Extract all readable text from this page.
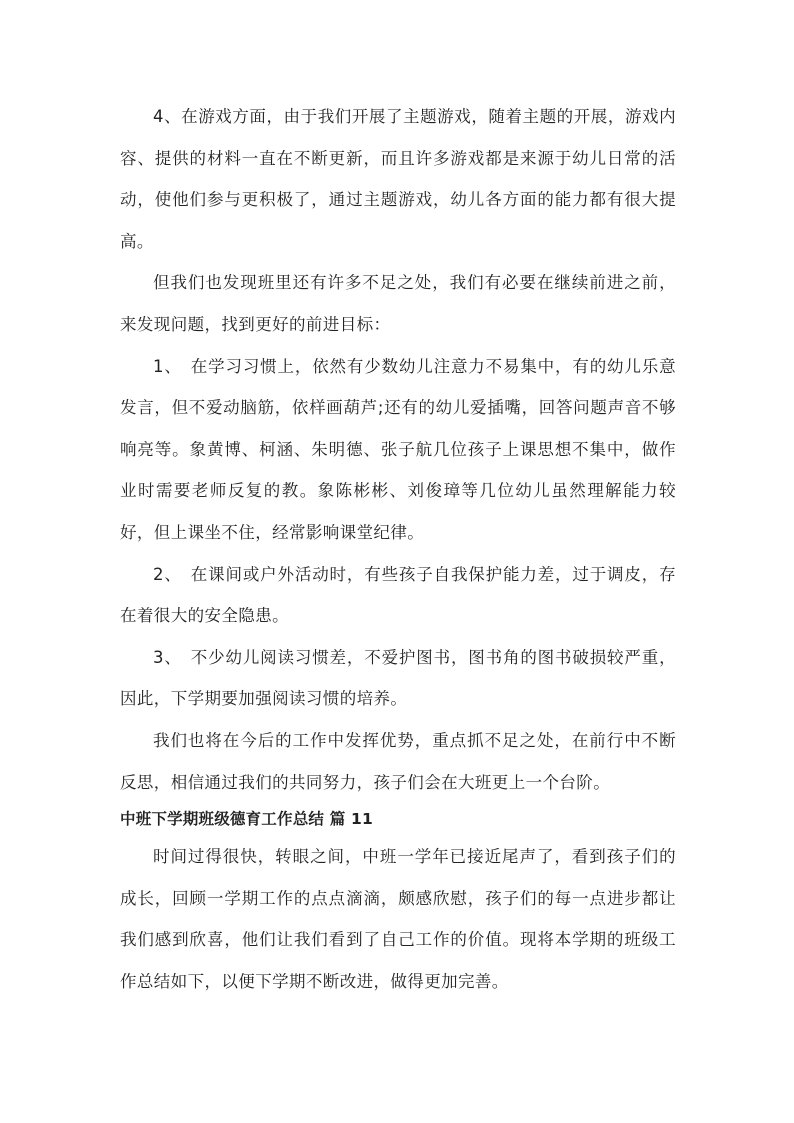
4、在游戏方面，由于我们开展了主题游戏，随着主题的开展，游戏内容、提供的材料一直在不断更新，而且许多游戏都是来源于幼儿日常的活动，使他们参与更积极了，通过主题游戏，幼儿各方面的能力都有很大提高。

但我们也发现班里还有许多不足之处，我们有必要在继续前进之前，来发现问题，找到更好的前进目标：

1、　在学习习惯上，依然有少数幼儿注意力不易集中，有的幼儿乐意发言，但不爱动脑筋，依样画葫芦;还有的幼儿爱插嘴，回答问题声音不够响亮等。象黄博、柯涵、朱明德、张子航几位孩子上课思想不集中，做作业时需要老师反复的教。象陈彬彬、刘俊璋等几位幼儿虽然理解能力较好，但上课坐不住，经常影响课堂纪律。

2、　在课间或户外活动时，有些孩子自我保护能力差，过于调皮，存在着很大的安全隐患。

3、　不少幼儿阅读习惯差，不爱护图书，图书角的图书破损较严重，因此，下学期要加强阅读习惯的培养。

我们也将在今后的工作中发挥优势，重点抓不足之处，在前行中不断反思，相信通过我们的共同努力，孩子们会在大班更上一个台阶。

中班下学期班级德育工作总结 篇 11

时间过得很快，转眼之间，中班一学年已接近尾声了，看到孩子们的成长，回顾一学期工作的点点滴滴，颇感欣慰，孩子们的每一点进步都让我们感到欣喜，他们让我们看到了自己工作的价值。现将本学期的班级工作总结如下，以便下学期不断改进，做得更加完善。
